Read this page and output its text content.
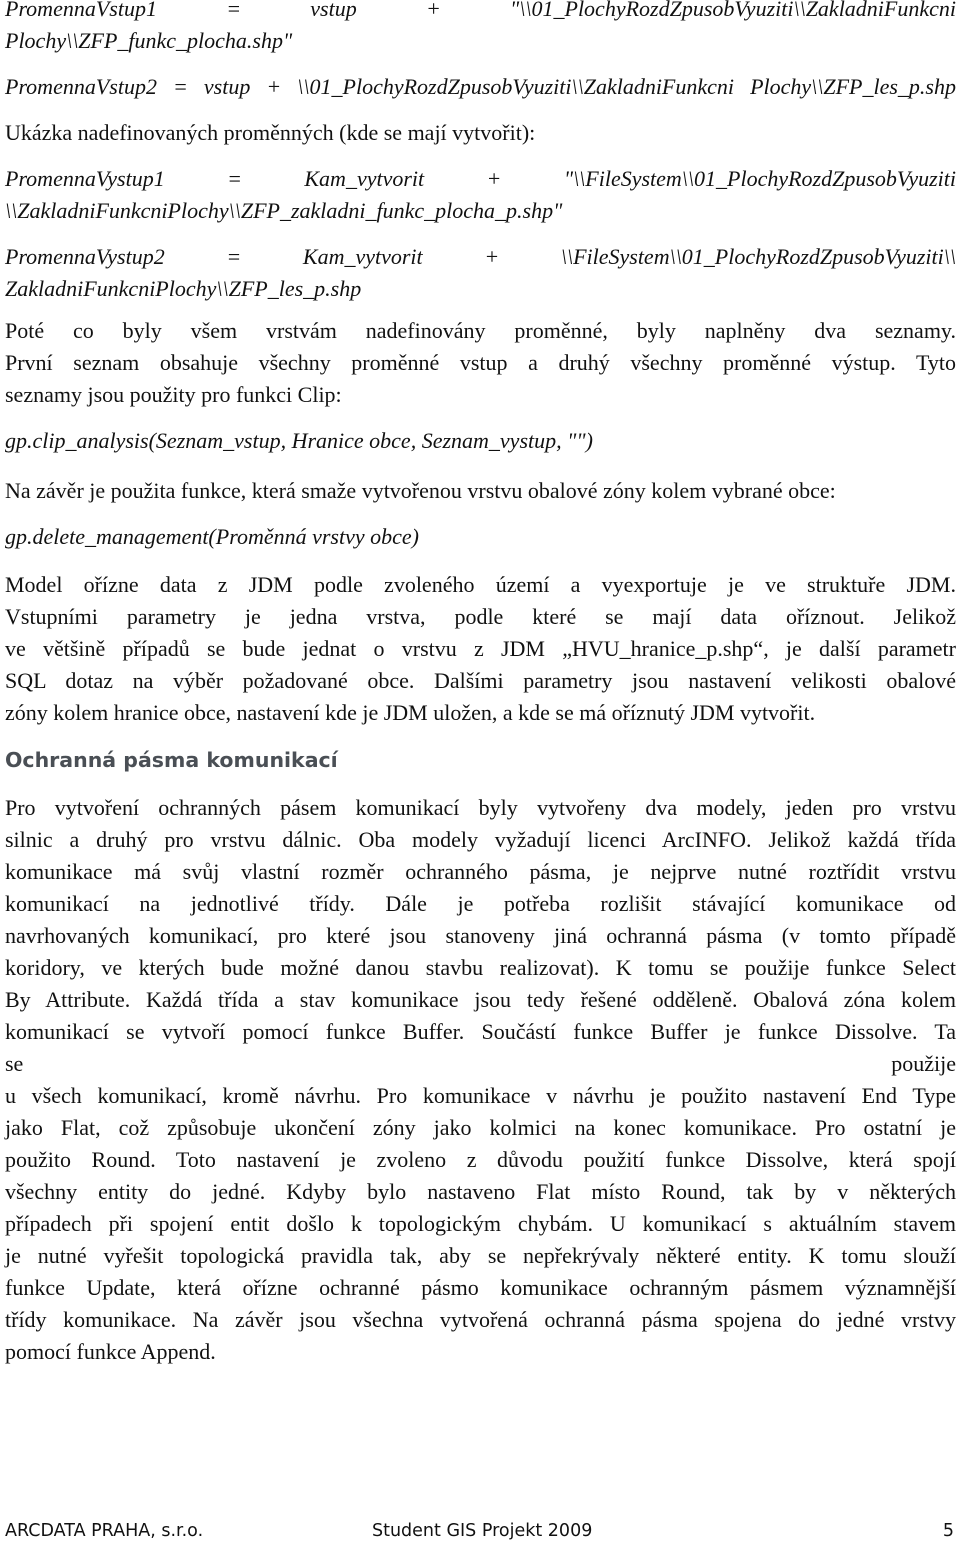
PromennaVstup1 = vstup + "\\01_PlochyRozdZpusobVyuziti\\ZakladniFunkcni
Plochy\\ZFP_funkc_plocha.shp"
PromennaVstup2 = vstup + \\01_PlochyRozdZpusobVyuziti\\ZakladniFunkcni Plochy\\ZFP_les_p.shp
Ukázka nadefinovaných proměnných (kde se mají vytvořit):
PromennaVystup1 = Kam_vytvorit + "\\FileSystem\\01_PlochyRozdZpusobVyuziti
\\ZakladniFunkcniPlochy\\ZFP_zakladni_funkc_plocha_p.shp"
PromennaVystup2 = Kam_vytvorit + \\FileSystem\\01_PlochyRozdZpusobVyuziti\\
ZakladniFunkcniPlochy\\ZFP_les_p.shp
Poté co byly všem vrstvám nadefinovány proměnné, byly naplněny dva seznamy.
První seznam obsahuje všechny proměnné vstup a druhý všechny proměnné výstup. Tyto
seznamy jsou použity pro funkci Clip:
gp.clip_analysis(Seznam_vstup, Hranice obce, Seznam_vystup, "")
Na závěr je použita funkce, která smaže vytvořenou vrstvu obalové zóny kolem vybrané obce:
gp.delete_management(Proměnná vrstvy obce)
Model ořízne data z JDM podle zvoleného území a vyexportuje je ve struktuře JDM.
Vstupními parametry je jedna vrstva, podle které se mají data oříznout. Jelikož
ve většině případů se bude jednat o vrstvu z JDM „HVU_hranice_p.shp“, je další parametr
SQL dotaz na výběr požadované obce. Dalšími parametry jsou nastavení velikosti obalové
zóny kolem hranice obce, nastavení kde je JDM uložen, a kde se má oříznutý JDM vytvořit.
Ochranná pásma komunikací
Pro vytvoření ochranných pásem komunikací byly vytvořeny dva modely, jeden pro vrstvu
silnic a druhý pro vrstvu dálnic. Oba modely vyžadují licenci ArcINFO. Jelikož každá třída
komunikace má svůj vlastní rozměr ochranného pásma, je nejprve nutné roztřídit vrstvu
komunikací na jednotlivé třídy. Dále je potřeba rozlišit stávající komunikace od
navrhovaných komunikací, pro které jsou stanoveny jiná ochranná pásma (v tomto případě
koridory, ve kterých bude možné danou stavbu realizovat). K tomu se použije funkce Select
By Attribute. Každá třída a stav komunikace jsou tedy řešené odděleně. Obalová zóna kolem
komunikací se vytvoří pomocí funkce Buffer. Součástí funkce Buffer je funkce Dissolve. Ta
se použije
u všech komunikací, kromě návrhu. Pro komunikace v návrhu je použito nastavení End Type
jako Flat, což způsobuje ukončení zóny jako kolmici na konec komunikace. Pro ostatní je
použito Round. Toto nastavení je zvoleno z důvodu použití funkce Dissolve, která spojí
všechny entity do jedné. Kdyby bylo nastaveno Flat místo Round, tak by v některých
případech při spojení entit došlo k topologickým chybám. U komunikací s aktuálním stavem
je nutné vyřešit topologická pravidla tak, aby se nepřekrývaly některé entity. K tomu slouží
funkce Update, která ořízne ochranné pásmo komunikace ochranným pásmem významnější
třídy komunikace. Na závěr jsou všechna vytvořená ochranná pásma spojena do jedné vrstvy
pomocí funkce Append.
ARCDATA PRAHA, s.r.o.	Student GIS Projekt 2009	5
